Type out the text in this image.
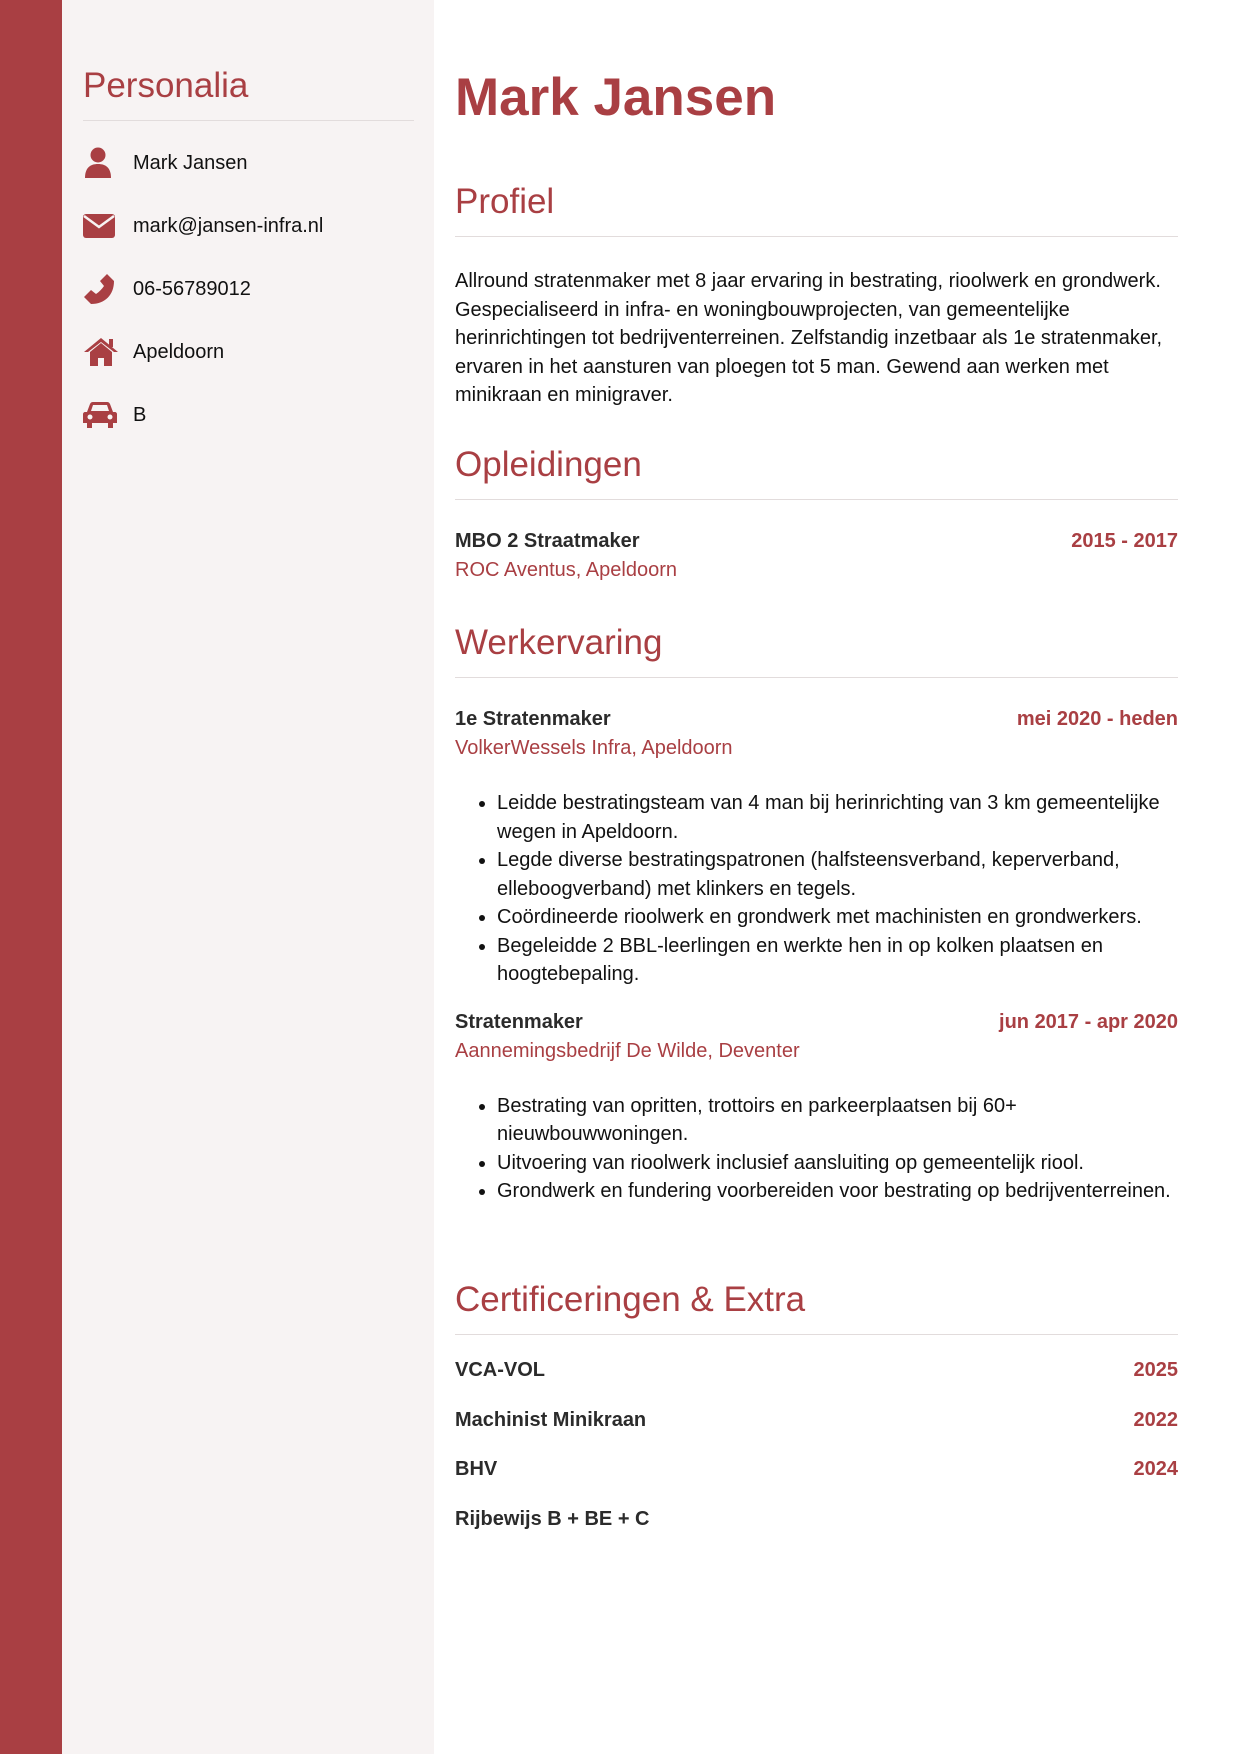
Personalia
Mark Jansen
mark@jansen-infra.nl
06-56789012
Apeldoorn
B
Mark Jansen
Profiel

Allround stratenmaker met 8 jaar ervaring in bestrating, rioolwerk en grondwerk. Gespecialiseerd in infra- en woningbouwprojecten, van gemeentelijke herinrichtingen tot bedrijventerreinen. Zelfstandig inzetbaar als 1e stratenmaker, ervaren in het aansturen van ploegen tot 5 man. Gewend aan werken met minikraan en minigraver.

Opleidingen
MBO 2 Straatmaker	2015 - 2017
ROC Aventus, Apeldoorn
Werkervaring
1e Stratenmaker	mei 2020 - heden
VolkerWessels Infra, Apeldoorn
• Leidde bestratingsteam van 4 man bij herinrichting van 3 km gemeentelijke wegen in Apeldoorn.
• Legde diverse bestratingspatronen (halfsteensverband, keperverband, elleboogverband) met klinkers en tegels.
• Coördineerde rioolwerk en grondwerk met machinisten en grondwerkers.
• Begeleidde 2 BBL-leerlingen en werkte hen in op kolken plaatsen en hoogtebepaling.
Stratenmaker	jun 2017 - apr 2020
Aannemingsbedrijf De Wilde, Deventer
• Bestrating van opritten, trottoirs en parkeerplaatsen bij 60+ nieuwbouwwoningen.
• Uitvoering van rioolwerk inclusief aansluiting op gemeentelijk riool.
• Grondwerk en fundering voorbereiden voor bestrating op bedrijventerreinen.
Certificeringen & Extra
VCA-VOL	2025
Machinist Minikraan	2022
BHV	2024
Rijbewijs B + BE + C
